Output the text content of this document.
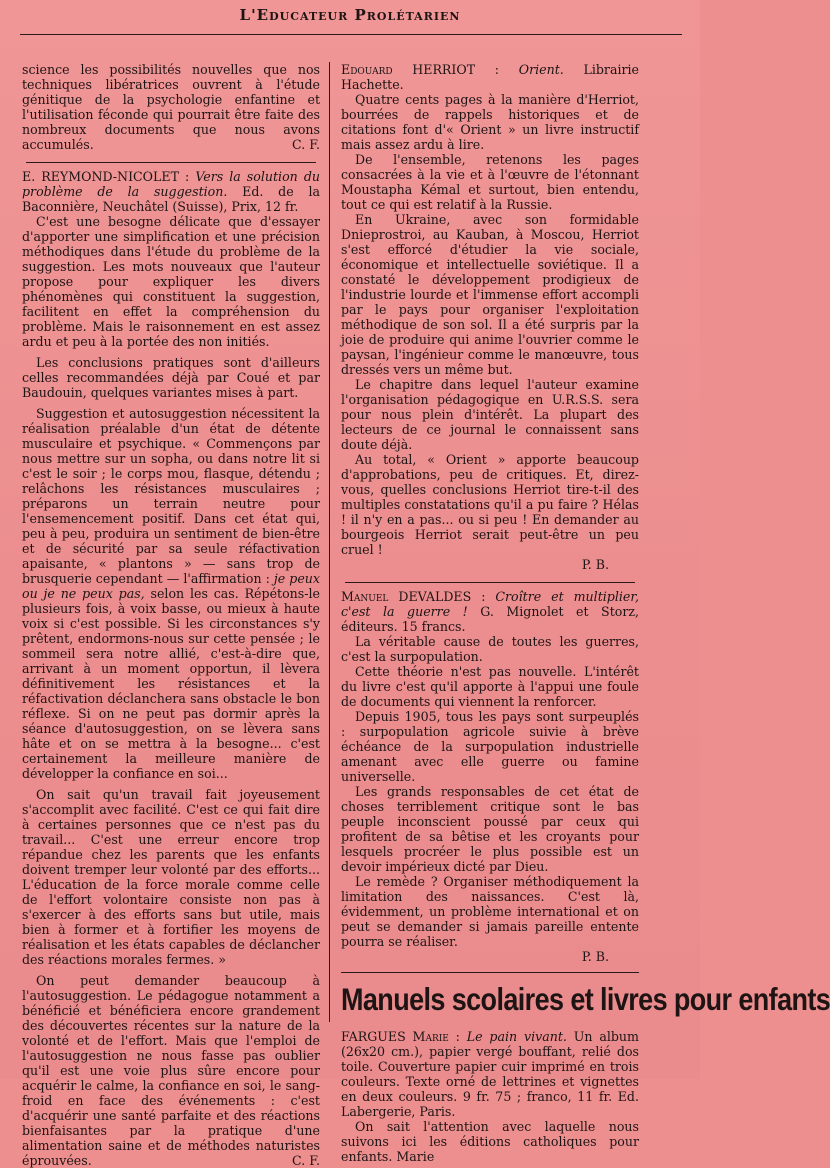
L'Educateur Prolétarien

science les possibilités nouvelles que nos techniques libératrices ouvrent à l'étude génitique de la psychologie enfantine et l'utilisation féconde qui pourrait être faite des nombreux documents que nous avons accumulés.	C. F.

E. REYMOND-NICOLET : Vers la solution du problème de la suggestion. Ed. de la Baconnière, Neuchâtel (Suisse), Prix, 12 fr.

C'est une besogne délicate que d'essayer d'apporter une simplification et une précision méthodiques dans l'étude du problème de la suggestion. Les mots nouveaux que l'auteur propose pour expliquer les divers phénomènes qui constituent la suggestion, facilitent en effet la compréhension du problème. Mais le raisonnement en est assez ardu et peu à la portée des non initiés.

Les conclusions pratiques sont d'ailleurs celles recommandées déjà par Coué et par Baudouin, quelques variantes mises à part.

Suggestion et autosuggestion nécessitent la réalisation préalable d'un état de détente musculaire et psychique. « Commençons par nous mettre sur un sopha, ou dans notre lit si c'est le soir ; le corps mou, flasque, détendu ; relâchons les résistances musculaires ; préparons un terrain neutre pour l'ensemencement positif. Dans cet état qui, peu à peu, produira un sentiment de bien-être et de sécurité par sa seule réfactivation apaisante, « plantons » — sans trop de brusquerie cependant — l'affirmation : je peux ou je ne peux pas, selon les cas. Répétons-le plusieurs fois, à voix basse, ou mieux à haute voix si c'est possible. Si les circonstances s'y prêtent, endormons-nous sur cette pensée ; le sommeil sera notre allié, c'est-à-dire que, arrivant à un moment opportun, il lèvera définitivement les résistances et la réfactivation déclanchera sans obstacle le bon réflexe. Si on ne peut pas dormir après la séance d'autosuggestion, on se lèvera sans hâte et on se mettra à la besogne... c'est certainement la meilleure manière de développer la confiance en soi...

On sait qu'un travail fait joyeusement s'accomplit avec facilité. C'est ce qui fait dire à certaines personnes que ce n'est pas du travail... C'est une erreur encore trop répandue chez les parents que les enfants doivent tremper leur volonté par des efforts... L'éducation de la force morale comme celle de l'effort volontaire consiste non pas à s'exercer à des efforts sans but utile, mais bien à former et à fortifier les moyens de réalisation et les états capables de déclancher des réactions morales fermes. »

On peut demander beaucoup à l'autosuggestion. Le pédagogue notamment a bénéficié et bénéficiera encore grandement des découvertes récentes sur la nature de la volonté et de l'effort. Mais que l'emploi de l'autosuggestion ne nous fasse pas oublier qu'il est une voie plus sûre encore pour acquérir le calme, la confiance en soi, le sang-froid en face des événements : c'est d'acquérir une santé parfaite et des réactions bienfaisantes par la pratique d'une alimentation saine et de méthodes naturistes éprouvées.	C. F.

Edouard HERRIOT : Orient. Librairie Hachette.

Quatre cents pages à la manière d'Herriot, bourrées de rappels historiques et de citations font d'« Orient » un livre instructif mais assez ardu à lire.

De l'ensemble, retenons les pages consacrées à la vie et à l'œuvre de l'étonnant Moustapha Kémal et surtout, bien entendu, tout ce qui est relatif à la Russie.

En Ukraine, avec son formidable Dnieprostroi, au Kauban, à Moscou, Herriot s'est efforcé d'étudier la vie sociale, économique et intellectuelle soviétique. Il a constaté le développement prodigieux de l'industrie lourde et l'immense effort accompli par le pays pour organiser l'exploitation méthodique de son sol. Il a été surpris par la joie de produire qui anime l'ouvrier comme le paysan, l'ingénieur comme le manœuvre, tous dressés vers un même but.

Le chapitre dans lequel l'auteur examine l'organisation pédagogique en U.R.S.S. sera pour nous plein d'intérêt. La plupart des lecteurs de ce journal le connaissent sans doute déjà.

Au total, « Orient » apporte beaucoup d'approbations, peu de critiques. Et, direz-vous, quelles conclusions Herriot tire-t-il des multiples constatations qu'il a pu faire ? Hélas ! il n'y en a pas... ou si peu ! En demander au bourgeois Herriot serait peut-être un peu cruel !

P. B.

Manuel DEVALDES : Croître et multiplier, c'est la guerre ! G. Mignolet et Storz, éditeurs. 15 francs.

La véritable cause de toutes les guerres, c'est la surpopulation.

Cette théorie n'est pas nouvelle. L'intérêt du livre c'est qu'il apporte à l'appui une foule de documents qui viennent la renforcer.

Depuis 1905, tous les pays sont surpeuplés : surpopulation agricole suivie à brève échéance de la surpopulation industrielle amenant avec elle guerre ou famine universelle.

Les grands responsables de cet état de choses terriblement critique sont le bas peuple inconscient poussé par ceux qui profitent de sa bêtise et les croyants pour lesquels procréer le plus possible est un devoir impérieux dicté par Dieu.

Le remède ? Organiser méthodiquement la limitation des naissances. C'est là, évidemment, un problème international et on peut se demander si jamais pareille entente pourra se réaliser.

P. B.
Manuels scolaires et livres pour enfants

FARGUES Marie : Le pain vivant. Un album (26x20 cm.), papier vergé bouffant, relié dos toile. Couverture papier cuir imprimé en trois couleurs. Texte orné de lettrines et vignettes en deux couleurs. 9 fr. 75 ; franco, 11 fr. Ed. Labergerie, Paris.

On sait l'attention avec laquelle nous suivons ici les éditions catholiques pour enfants. Marie
